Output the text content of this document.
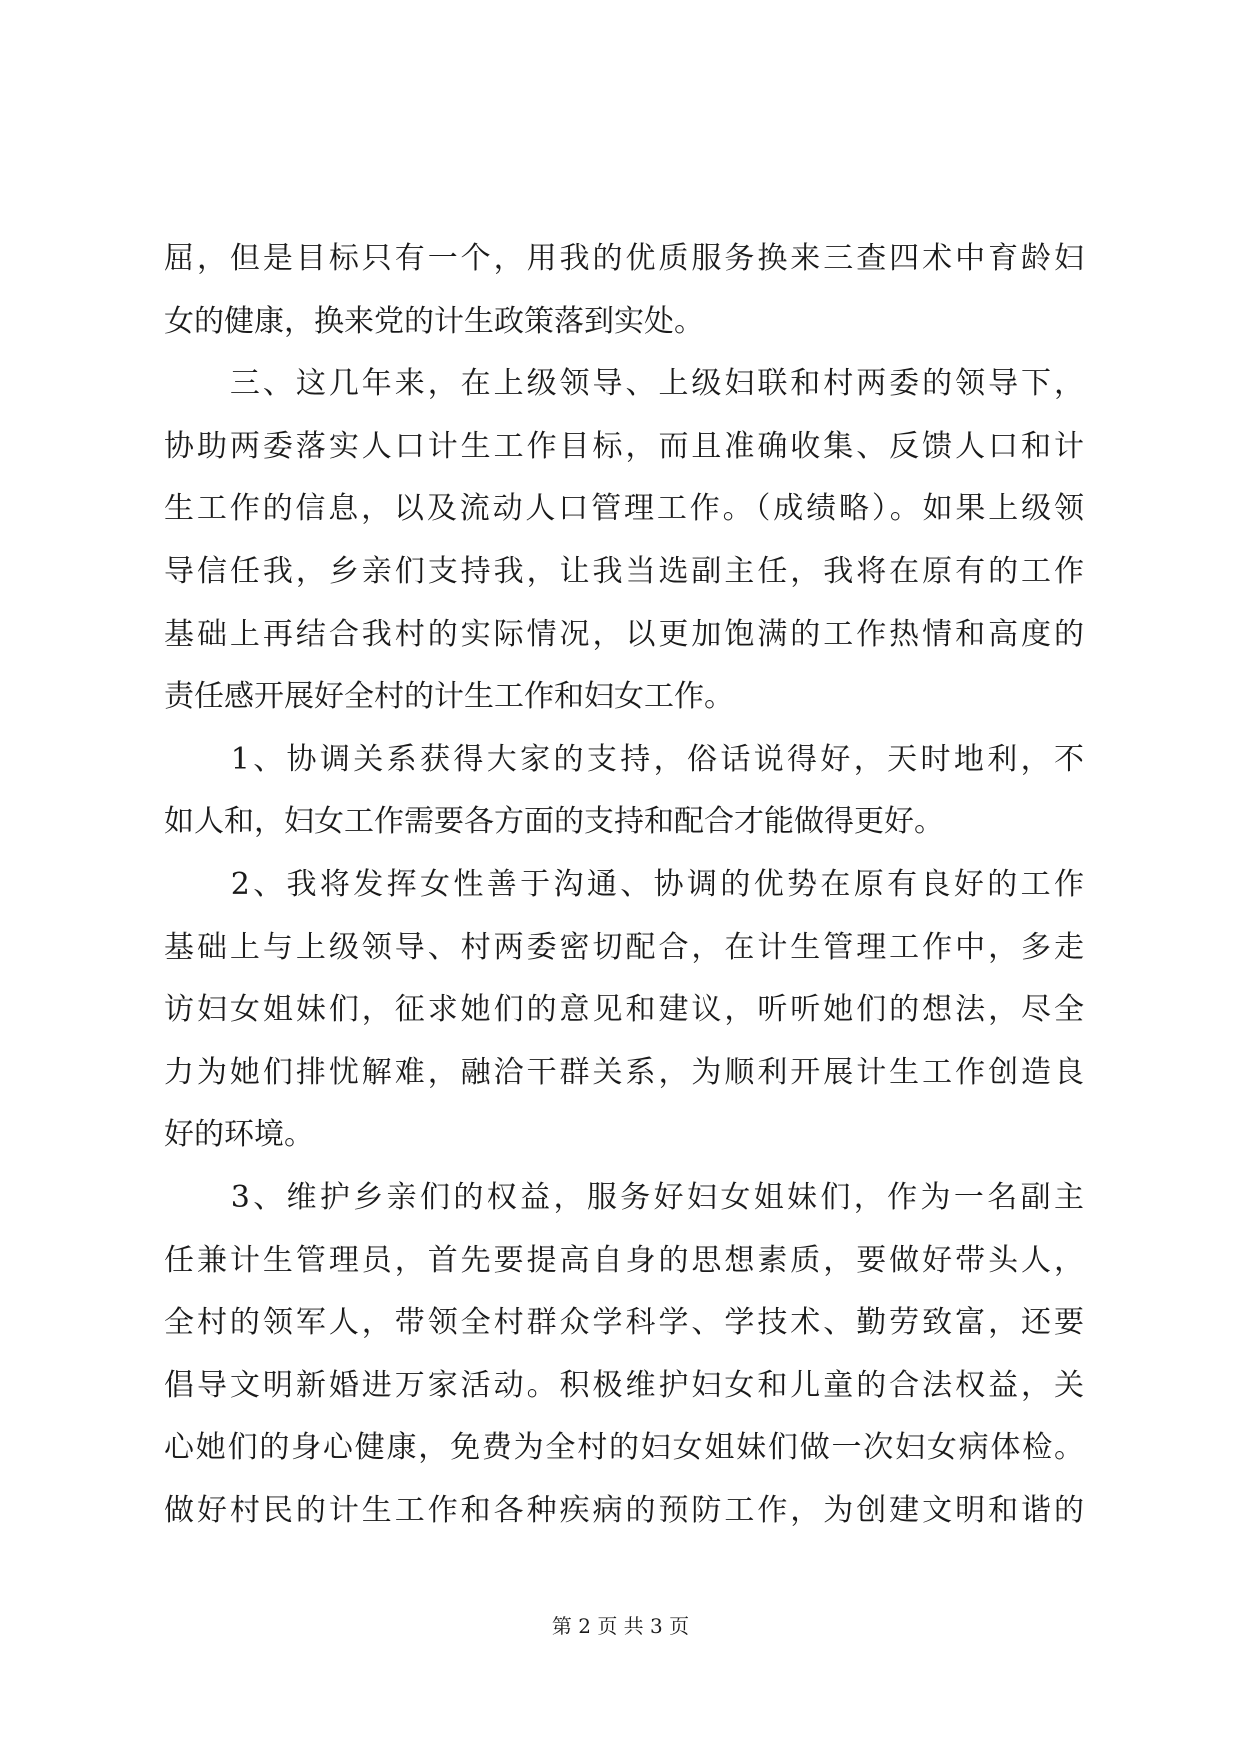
屈，但是目标只有一个，用我的优质服务换来三查四术中育龄妇
女的健康，换来党的计生政策落到实处。
　　三、这几年来，在上级领导、上级妇联和村两委的领导下，
协助两委落实人口计生工作目标，而且准确收集、反馈人口和计
生工作的信息，以及流动人口管理工作。（成绩略）。如果上级领
导信任我，乡亲们支持我，让我当选副主任，我将在原有的工作
基础上再结合我村的实际情况，以更加饱满的工作热情和高度的
责任感开展好全村的计生工作和妇女工作。
　　1、协调关系获得大家的支持，俗话说得好，天时地利，不
如人和，妇女工作需要各方面的支持和配合才能做得更好。
　　2、我将发挥女性善于沟通、协调的优势在原有良好的工作
基础上与上级领导、村两委密切配合，在计生管理工作中，多走
访妇女姐妹们，征求她们的意见和建议，听听她们的想法，尽全
力为她们排忧解难，融洽干群关系，为顺利开展计生工作创造良
好的环境。
　　3、维护乡亲们的权益，服务好妇女姐妹们，作为一名副主
任兼计生管理员，首先要提高自身的思想素质，要做好带头人，
全村的领军人，带领全村群众学科学、学技术、勤劳致富，还要
倡导文明新婚进万家活动。积极维护妇女和儿童的合法权益，关
心她们的身心健康，免费为全村的妇女姐妹们做一次妇女病体检。
做好村民的计生工作和各种疾病的预防工作，为创建文明和谐的
第 2 页 共 3 页
